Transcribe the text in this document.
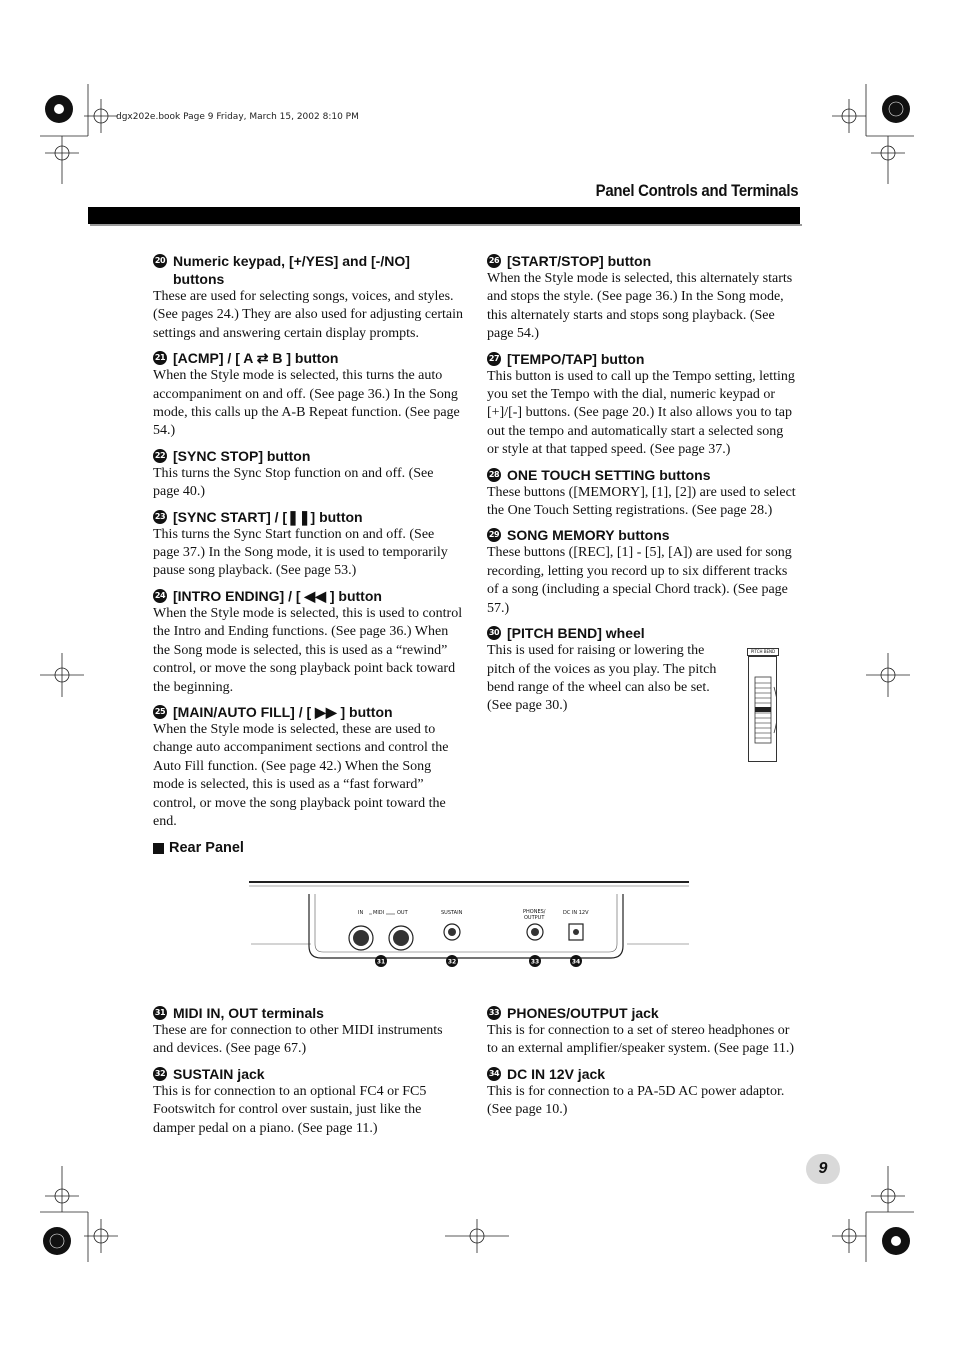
dgx202e.book Page 9 Friday, March 15, 2002 8:10 PM
Panel Controls and Terminals
20 Numeric keypad, [+/YES] and [-/NO] buttons
These are used for selecting songs, voices, and styles. (See pages 24.) They are also used for adjusting certain settings and answering certain display prompts.
21 [ACMP] / [ A ⇄ B ] button
When the Style mode is selected, this turns the auto accompaniment on and off. (See page 36.) In the Song mode, this calls up the A-B Repeat function. (See page 54.)
22 [SYNC STOP] button
This turns the Sync Stop function on and off. (See page 40.)
23 [SYNC START] / [❚❚] button
This turns the Sync Start function on and off. (See page 37.) In the Song mode, it is used to temporarily pause song playback. (See page 53.)
24 [INTRO ENDING] / [ ◀◀ ] button
When the Style mode is selected, this is used to control the Intro and Ending functions. (See page 36.) When the Song mode is selected, this is used as a “rewind” control, or move the song playback point back toward the beginning.
25 [MAIN/AUTO FILL] / [ ▶▶ ] button
When the Style mode is selected, these are used to change auto accompaniment sections and control the Auto Fill function. (See page 42.) When the Song mode is selected, this is used as a “fast forward” control, or move the song playback point toward the end.
26 [START/STOP] button
When the Style mode is selected, this alternately starts and stops the style. (See page 36.) In the Song mode, this alternately starts and stops song playback. (See page 54.)
27 [TEMPO/TAP] button
This button is used to call up the Tempo setting, letting you set the Tempo with the dial, numeric keypad or [+]/[-] buttons. (See page 20.) It also allows you to tap out the tempo and automatically start a selected song or style at that tapped speed. (See page 37.)
28 ONE TOUCH SETTING buttons
These buttons ([MEMORY], [1], [2]) are used to select the One Touch Setting registrations. (See page 28.)
29 SONG MEMORY buttons
These buttons ([REC], [1] - [5], [A]) are used for song recording, letting you record up to six different tracks of a song (including a special Chord track). (See page 57.)
30 [PITCH BEND] wheel
This is used for raising or lowering the pitch of the voices as you play. The pitch bend range of the wheel can also be set. (See page 30.)
PITCH BEND
Rear Panel
IN MIDI	OUT	SUSTAIN	PHONES/
OUTPUT
DC IN 12V
31	32	33	34
31 MIDI IN, OUT terminals
These are for connection to other MIDI instruments and devices. (See page 67.)
32 SUSTAIN jack
This is for connection to an optional FC4 or FC5 Footswitch for control over sustain, just like the damper pedal on a piano. (See page 11.)
33 PHONES/OUTPUT jack
This is for connection to a set of stereo headphones or to an external amplifier/speaker system. (See page 11.)
34 DC IN 12V jack
This is for connection to a PA-5D AC power adaptor. (See page 10.)
9
